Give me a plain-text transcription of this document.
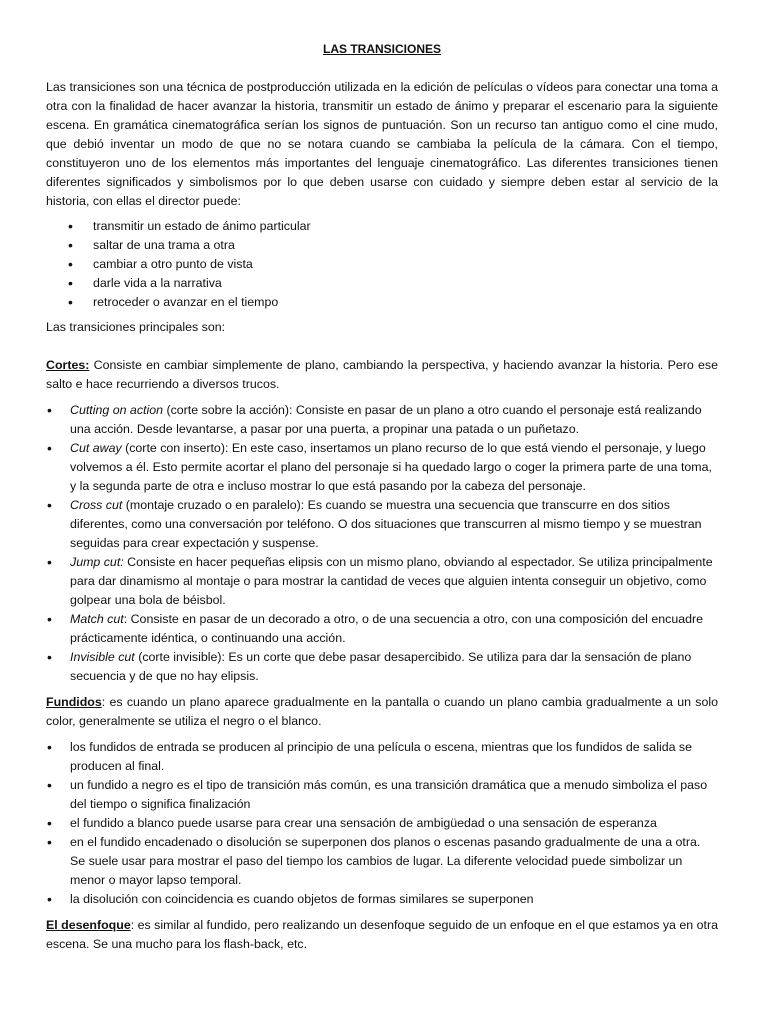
LAS TRANSICIONES

Las transiciones son una técnica de postproducción utilizada en la edición de películas o vídeos para conectar una toma a otra con la finalidad de hacer avanzar la historia, transmitir un estado de ánimo y preparar el escenario para la siguiente escena. En gramática cinematográfica serían los signos de puntuación. Son un recurso tan antiguo como el cine mudo, que debió inventar un modo de que no se notara cuando se cambiaba la película de la cámara. Con el tiempo, constituyeron uno de los elementos más importantes del lenguaje cinematográfico. Las diferentes transiciones tienen diferentes significados y simbolismos por lo que deben usarse con cuidado y siempre deben estar al servicio de la historia, con ellas el director puede:

• transmitir un estado de ánimo particular
• saltar de una trama a otra
• cambiar a otro punto de vista
• darle vida a la narrativa
• retroceder o avanzar en el tiempo

Las transiciones principales son:

Cortes: Consiste en cambiar simplemente de plano, cambiando la perspectiva, y haciendo avanzar la historia. Pero ese salto e hace recurriendo a diversos trucos.

• Cutting on action (corte sobre la acción): Consiste en pasar de un plano a otro cuando el personaje está realizando una acción. Desde levantarse, a pasar por una puerta, a propinar una patada o un puñetazo.
• Cut away (corte con inserto): En este caso, insertamos un plano recurso de lo que está viendo el personaje, y luego volvemos a él. Esto permite acortar el plano del personaje si ha quedado largo o coger la primera parte de una toma, y la segunda parte de otra e incluso mostrar lo que está pasando por la cabeza del personaje.
• Cross cut (montaje cruzado o en paralelo): Es cuando se muestra una secuencia que transcurre en dos sitios diferentes, como una conversación por teléfono. O dos situaciones que transcurren al mismo tiempo y se muestran seguidas para crear expectación y suspense.
• Jump cut: Consiste en hacer pequeñas elipsis con un mismo plano, obviando al espectador. Se utiliza principalmente para dar dinamismo al montaje o para mostrar la cantidad de veces que alguien intenta conseguir un objetivo, como golpear una bola de béisbol.
• Match cut: Consiste en pasar de un decorado a otro, o de una secuencia a otro, con una composición del encuadre prácticamente idéntica, o continuando una acción.
• Invisible cut (corte invisible): Es un corte que debe pasar desapercibido. Se utiliza para dar la sensación de plano secuencia y de que no hay elipsis.

Fundidos: es cuando un plano aparece gradualmente en la pantalla o cuando un plano cambia gradualmente a un solo color, generalmente se utiliza el negro o el blanco.

• los fundidos de entrada se producen al principio de una película o escena, mientras que los fundidos de salida se producen al final.
• un fundido a negro es el tipo de transición más común, es una transición dramática que a menudo simboliza el paso del tiempo o significa finalización
• el fundido a blanco puede usarse para crear una sensación de ambigüedad o una sensación de esperanza
• en el fundido encadenado o disolución se superponen dos planos o escenas pasando gradualmente de una a otra. Se suele usar para mostrar el paso del tiempo los cambios de lugar. La diferente velocidad puede simbolizar un menor o mayor lapso temporal.
• la disolución con coincidencia es cuando objetos de formas similares se superponen

El desenfoque: es similar al fundido, pero realizando un desenfoque seguido de un enfoque en el que estamos ya en otra escena. Se una mucho para los flash-back, etc.
